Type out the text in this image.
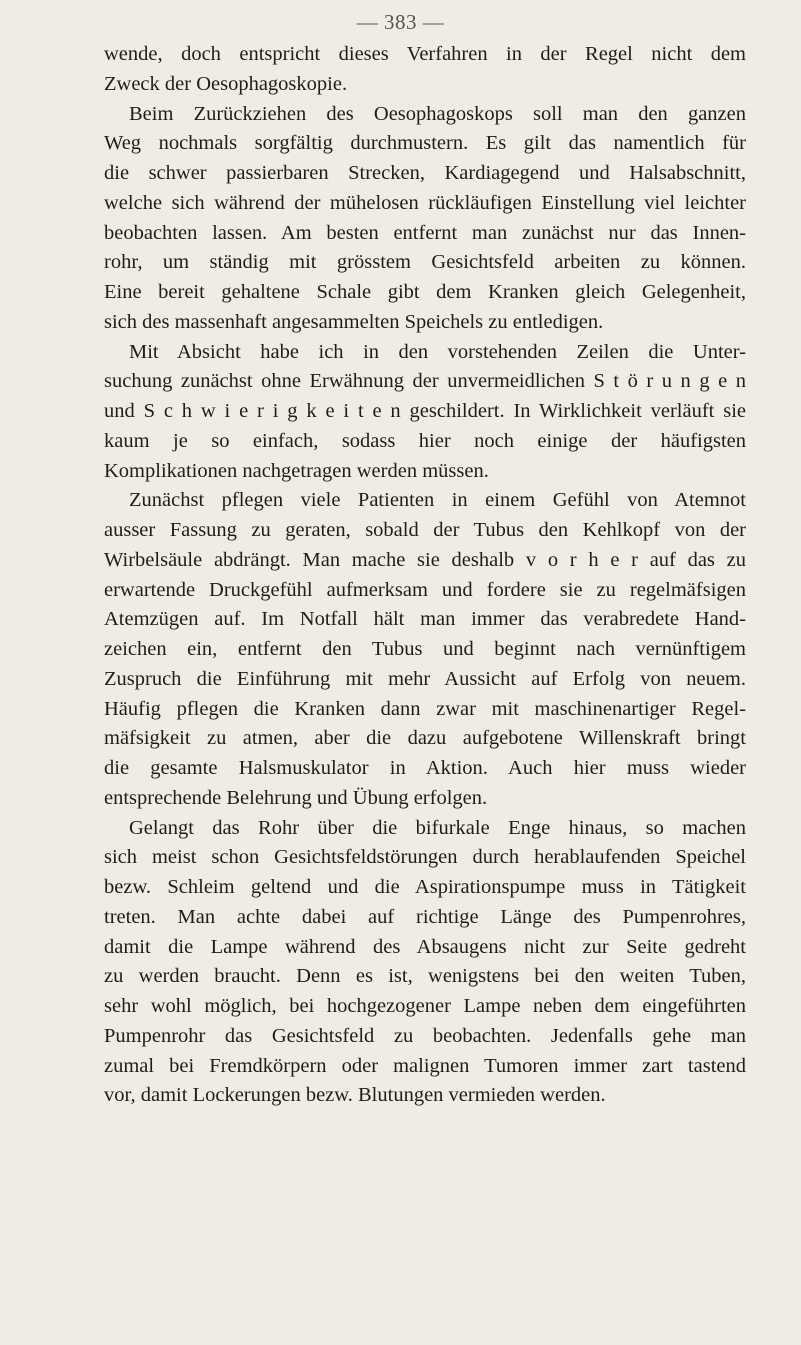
— 383 —
wende, doch entspricht dieses Verfahren in der Regel nicht dem
Zweck der Oesophagoskopie.
Beim Zurückziehen des Oesophagoskops soll man den ganzen
Weg nochmals sorgfältig durchmustern. Es gilt das namentlich für
die schwer passierbaren Strecken, Kardiagegend und Halsabschnitt,
welche sich während der mühelosen rückläufigen Einstellung viel leichter
beobachten lassen. Am besten entfernt man zunächst nur das Innen-
rohr, um ständig mit grösstem Gesichtsfeld arbeiten zu können.
Eine bereit gehaltene Schale gibt dem Kranken gleich Gelegenheit,
sich des massenhaft angesammelten Speichels zu entledigen.
Mit Absicht habe ich in den vorstehenden Zeilen die Unter-
suchung zunächst ohne Erwähnung der unvermeidlichen S t ö r u n g e n
und S c h w i e r i g k e i t e n geschildert. In Wirklichkeit verläuft sie
kaum je so einfach, sodass hier noch einige der häufigsten
Komplikationen nachgetragen werden müssen.
Zunächst pflegen viele Patienten in einem Gefühl von Atemnot
ausser Fassung zu geraten, sobald der Tubus den Kehlkopf von der
Wirbelsäule abdrängt. Man mache sie deshalb v o r h e r auf das zu
erwartende Druckgefühl aufmerksam und fordere sie zu regelmäfsigen
Atemzügen auf. Im Notfall hält man immer das verabredete Hand-
zeichen ein, entfernt den Tubus und beginnt nach vernünftigem
Zuspruch die Einführung mit mehr Aussicht auf Erfolg von neuem.
Häufig pflegen die Kranken dann zwar mit maschinenartiger Regel-
mäfsigkeit zu atmen, aber die dazu aufgebotene Willenskraft bringt
die gesamte Halsmuskulator in Aktion. Auch hier muss wieder
entsprechende Belehrung und Übung erfolgen.
Gelangt das Rohr über die bifurkale Enge hinaus, so machen
sich meist schon Gesichtsfeldstörungen durch herablaufenden Speichel
bezw. Schleim geltend und die Aspirationspumpe muss in Tätigkeit
treten. Man achte dabei auf richtige Länge des Pumpenrohres,
damit die Lampe während des Absaugens nicht zur Seite gedreht
zu werden braucht. Denn es ist, wenigstens bei den weiten Tuben,
sehr wohl möglich, bei hochgezogener Lampe neben dem eingeführten
Pumpenrohr das Gesichtsfeld zu beobachten. Jedenfalls gehe man
zumal bei Fremdkörpern oder malignen Tumoren immer zart tastend
vor, damit Lockerungen bezw. Blutungen vermieden werden.
